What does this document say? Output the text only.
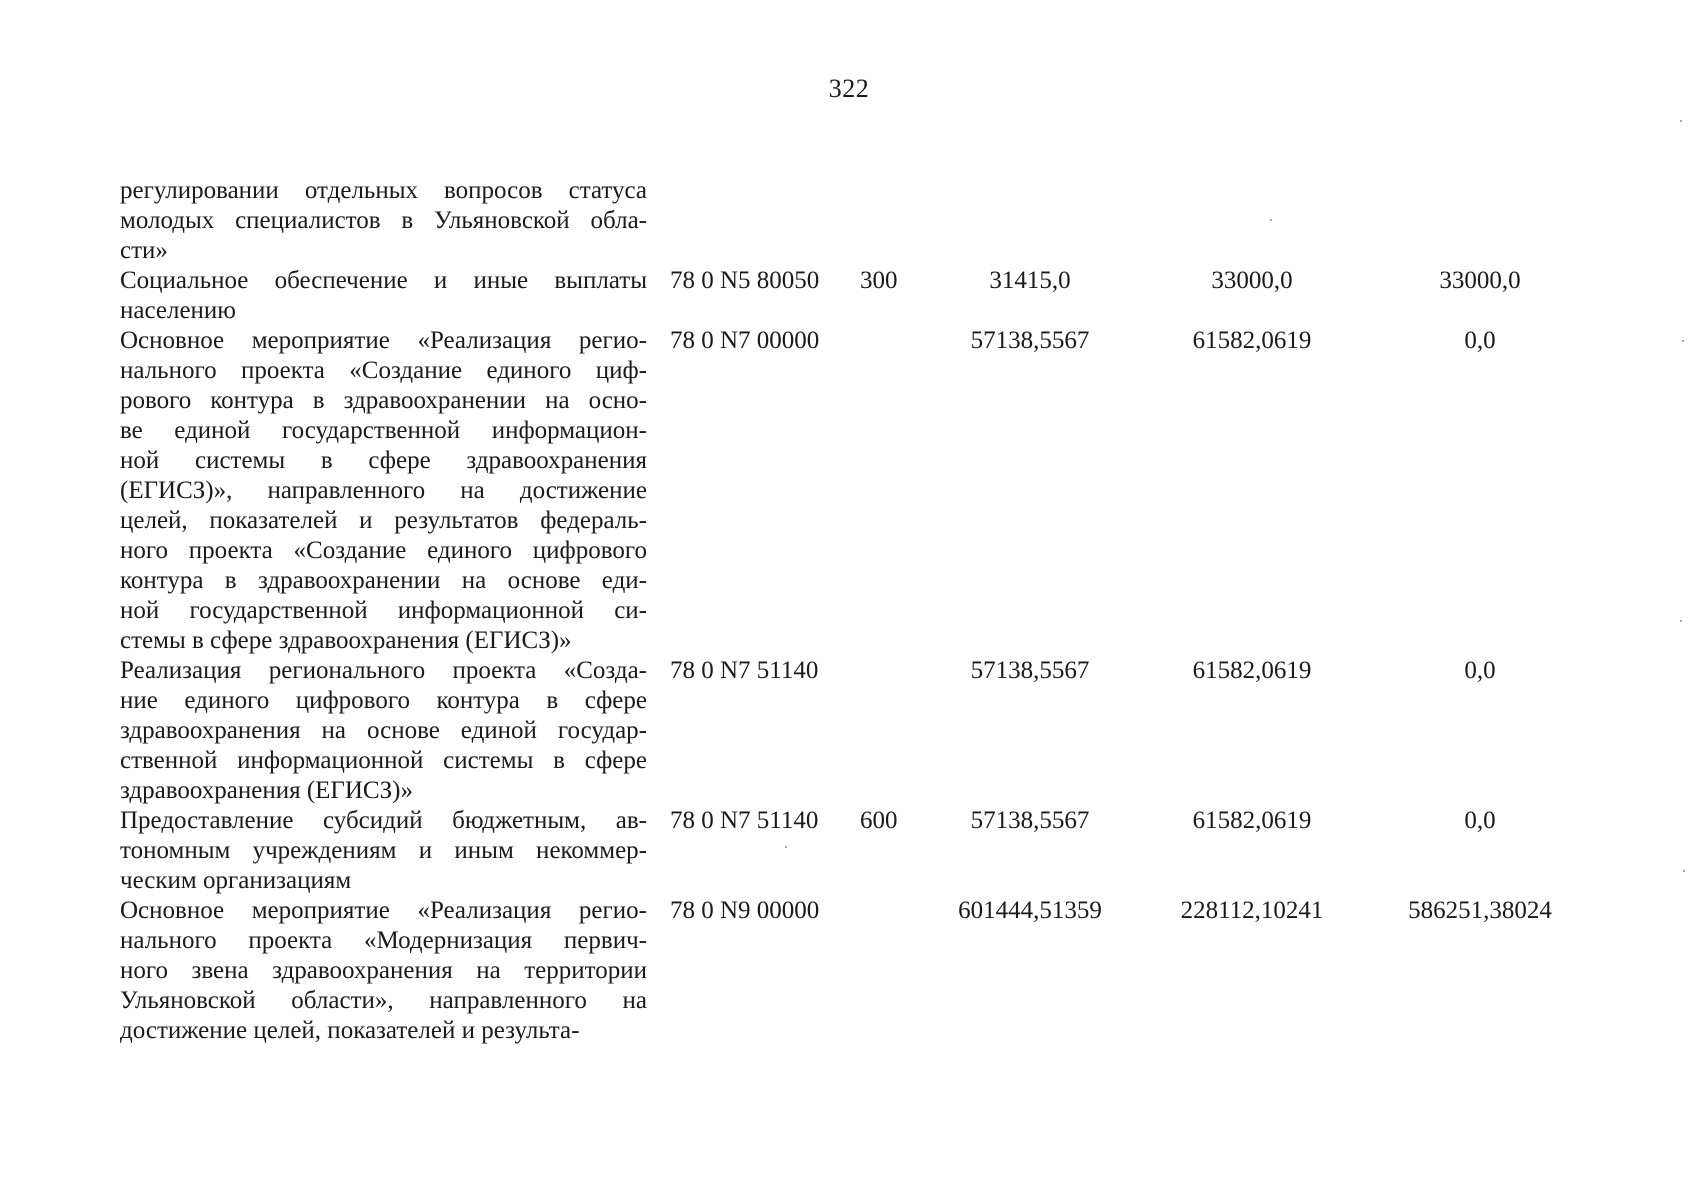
322
регулировании отдельных вопросов статуса
молодых специалистов в Ульяновской обла-
сти»
Социальное обеспечение и иные выплаты
населению
78 0 N5 80050 300	31415,0	33000,0	33000,0
Основное мероприятие «Реализация регио-
нального проекта «Создание единого циф-
рового контура в здравоохранении на осно-
ве единой государственной информацион-
ной системы в сфере здравоохранения
(ЕГИСЗ)», направленного на достижение
целей, показателей и результатов федераль-
ного проекта «Создание единого цифрового
контура в здравоохранении на основе еди-
ной государственной информационной си-
стемы в сфере здравоохранения (ЕГИСЗ)»
78 0 N7 00000	57138,5567	61582,0619	0,0
Реализация регионального проекта «Созда-
ние единого цифрового контура в сфере
здравоохранения на основе единой государ-
ственной информационной системы в сфере
здравоохранения (ЕГИСЗ)»
78 0 N7 51140	57138,5567	61582,0619	0,0
Предоставление субсидий бюджетным, ав-
тономным учреждениям и иным некоммер-
ческим организациям
78 0 N7 51140 600	57138,5567	61582,0619	0,0
Основное мероприятие «Реализация регио-
нального проекта «Модернизация первич-
ного звена здравоохранения на территории
Ульяновской области», направленного на
достижение целей, показателей и результа-
78 0 N9 00000	601444,51359	228112,10241	586251,38024
